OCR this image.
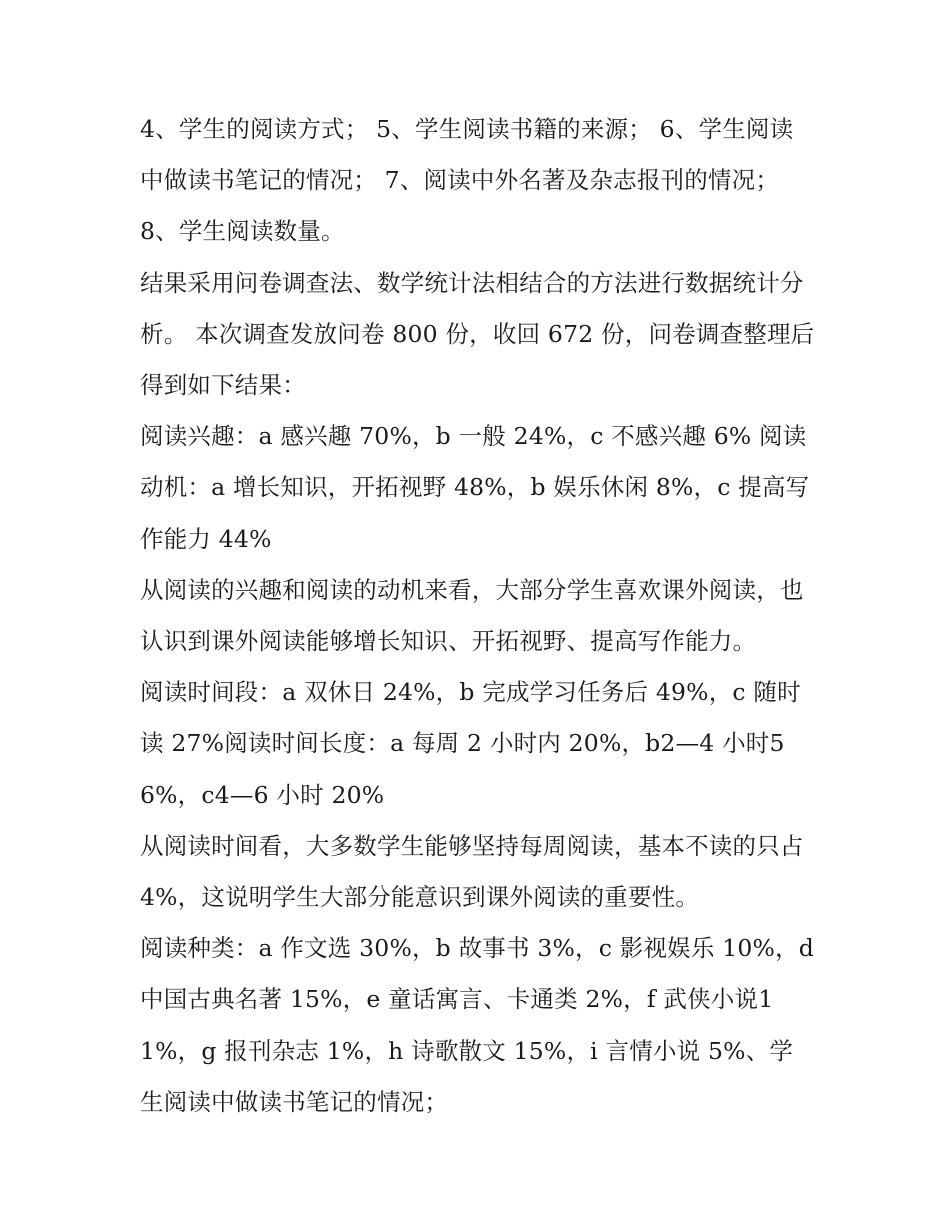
4、学生的阅读方式； 5、学生阅读书籍的来源； 6、学生阅读中做读书笔记的情况； 7、阅读中外名著及杂志报刊的情况；8、学生阅读数量。

结果采用问卷调查法、数学统计法相结合的方法进行数据统计分析。 本次调查发放问卷 800 份，收回 672 份，问卷调查整理后得到如下结果：

阅读兴趣：a 感兴趣 70%，b 一般 24%，c 不感兴趣 6% 阅读动机：a 增长知识，开拓视野 48%，b 娱乐休闲 8%，c 提高写作能力 44%

从阅读的兴趣和阅读的动机来看，大部分学生喜欢课外阅读，也认识到课外阅读能够增长知识、开拓视野、提高写作能力。

阅读时间段：a 双休日 24%，b 完成学习任务后 49%，c 随时读 27%阅读时间长度：a 每周 2 小时内 20%，b2—4 小时56%，c4—6 小时 20%

从阅读时间看，大多数学生能够坚持每周阅读，基本不读的只占 4%，这说明学生大部分能意识到课外阅读的重要性。

阅读种类：a 作文选 30%，b 故事书 3%，c 影视娱乐 10%，d中国古典名著 15%，e 童话寓言、卡通类 2%，f 武侠小说11%，g 报刊杂志 1%，h 诗歌散文 15%，i 言情小说 5%、学生阅读中做读书笔记的情况；
